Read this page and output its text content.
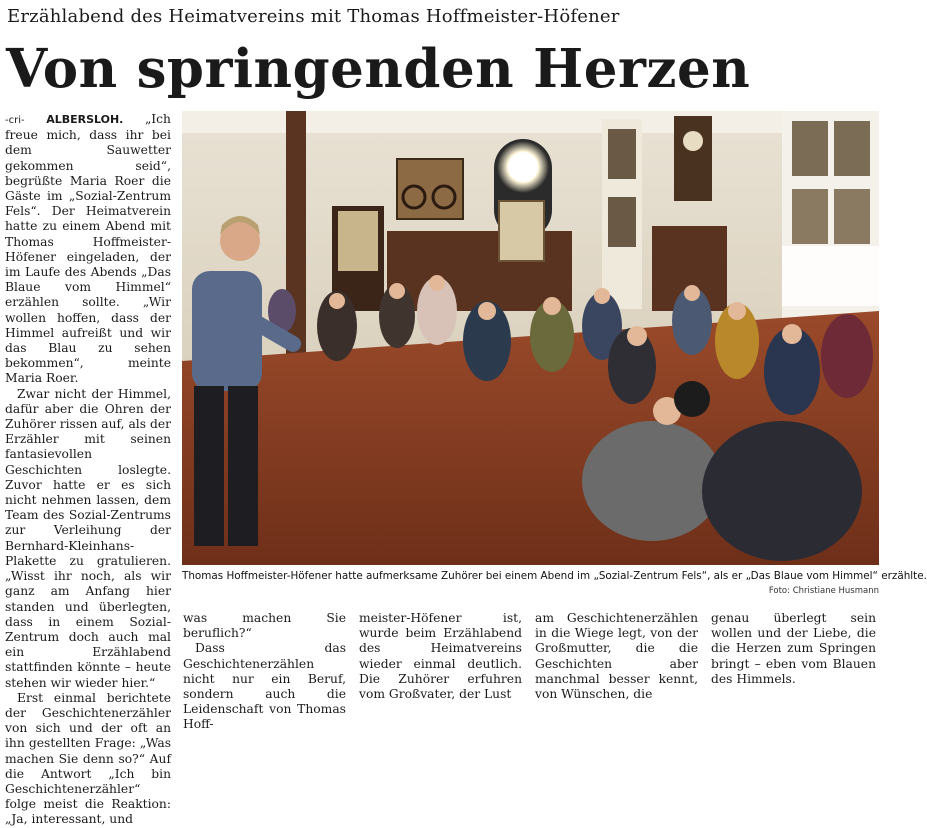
Erzählabend des Heimatvereins mit Thomas Hoffmeister-Höfener
Von springenden Herzen

-cri- ALBERSLOH. „Ich freue mich, dass ihr bei dem Sauwetter gekommen seid“, begrüßte Maria Roer die Gäste im „Sozial-Zentrum Fels“. Der Heimatverein hatte zu einem Abend mit Thomas Hoffmeister-Höfener eingeladen, der im Laufe des Abends „Das Blaue vom Himmel“ erzählen sollte. „Wir wollen hoffen, dass der Himmel aufreißt und wir das Blau zu sehen bekommen“, meinte Maria Roer.

Zwar nicht der Himmel, dafür aber die Ohren der Zuhörer rissen auf, als der Erzähler mit seinen fantasievollen Geschichten loslegte. Zuvor hatte er es sich nicht nehmen lassen, dem Team des Sozial-Zentrums zur Verleihung der Bernhard-Kleinhans-Plakette zu gratulieren. „Wisst ihr noch, als wir ganz am Anfang hier standen und überlegten, dass in einem Sozial-Zentrum doch auch mal ein Erzählabend stattfinden könnte – heute stehen wir wieder hier.“

Erst einmal berichtete der Geschichtenerzähler von sich und der oft an ihn gestellten Frage: „Was machen Sie denn so?“ Auf die Antwort „Ich bin Geschichtenerzähler“ folge meist die Reaktion: „Ja, interessant, und

Thomas Hoffmeister-Höfener hatte aufmerksame Zuhörer bei einem Abend im „Sozial-Zentrum Fels“, als er „Das Blaue vom Himmel“ erzählte.
Foto: Christiane Husmann

was machen Sie beruflich?“

Dass das Geschichtenerzählen nicht nur ein Beruf, sondern auch die Leidenschaft von Thomas Hoff-

meister-Höfener ist, wurde beim Erzählabend des Heimatvereins wieder einmal deutlich. Die Zuhörer erfuhren vom Großvater, der Lust

am Geschichtenerzählen in die Wiege legt, von der Großmutter, die die Geschichten aber manchmal besser kennt, von Wünschen, die

genau überlegt sein wollen und der Liebe, die die Herzen zum Springen bringt – eben vom Blauen des Himmels.
